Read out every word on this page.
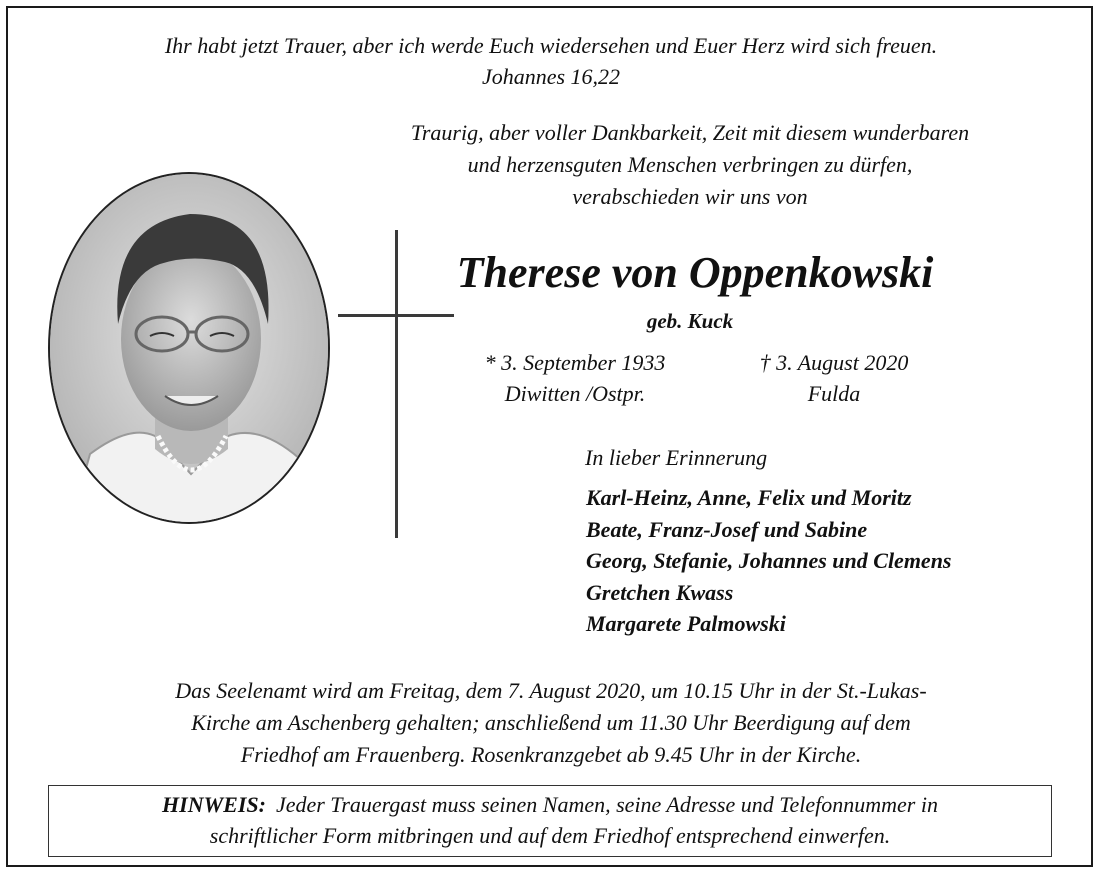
Ihr habt jetzt Trauer, aber ich werde Euch wiedersehen und Euer Herz wird sich freuen.
Johannes 16,22
Traurig, aber voller Dankbarkeit, Zeit mit diesem wunderbaren
und herzensguten Menschen verbringen zu dürfen,
verabschieden wir uns von
Therese von Oppenkowski
geb. Kuck
* 3. September 1933
Diwitten /Ostpr.
† 3. August 2020
Fulda
In lieber Erinnerung
Karl-Heinz, Anne, Felix und Moritz
Beate, Franz-Josef und Sabine
Georg, Stefanie, Johannes und Clemens
Gretchen Kwass
Margarete Palmowski
Das Seelenamt wird am Freitag, dem 7. August 2020, um 10.15 Uhr in der St.-Lukas-
Kirche am Aschenberg gehalten; anschließend um 11.30 Uhr Beerdigung auf dem
Friedhof am Frauenberg. Rosenkranzgebet ab 9.45 Uhr in der Kirche.
HINWEIS: Jeder Trauergast muss seinen Namen, seine Adresse und Telefonnummer in
schriftlicher Form mitbringen und auf dem Friedhof entsprechend einwerfen.
